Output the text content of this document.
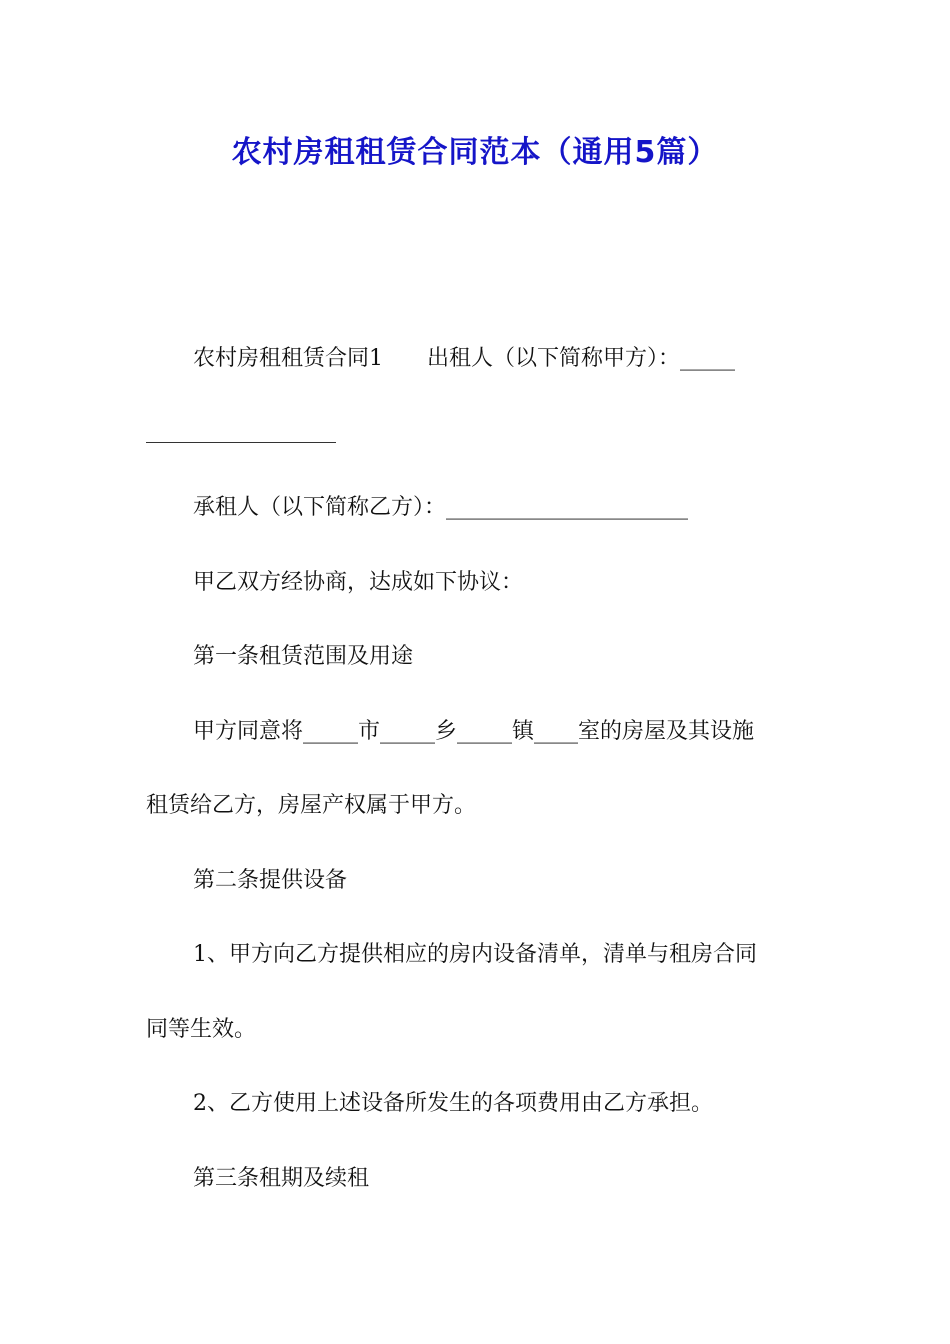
农村房租租赁合同范本（通用5篇）

农村房租租赁合同1　　出租人（以下简称甲方）：_____

承租人（以下简称乙方）：______________________

甲乙双方经协商，达成如下协议：

第一条租赁范围及用途

甲方同意将_____市_____乡_____镇____室的房屋及其设施

租赁给乙方，房屋产权属于甲方。

第二条提供设备

1、甲方向乙方提供相应的房内设备清单，清单与租房合同

同等生效。

2、乙方使用上述设备所发生的各项费用由乙方承担。

第三条租期及续租
